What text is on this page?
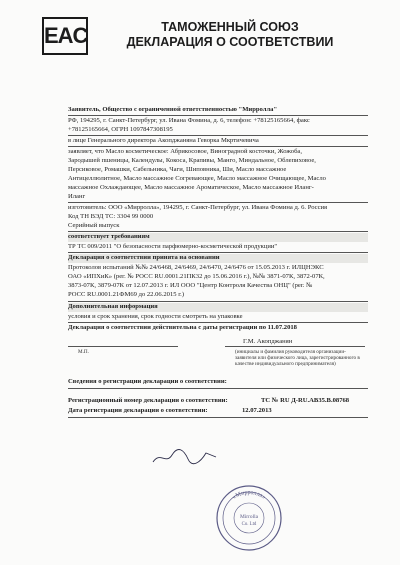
EAC	ТАМОЖЕННЫЙ СОЮЗ
ДЕКЛАРАЦИЯ О СООТВЕТСТВИИ
Заявитель, Общество с ограниченной ответственностью "Мирролла"
РФ, 194295, г. Санкт-Петербург, ул. Ивана Фомина, д. 6, телефон: +78125165664, факс
+78125165664, ОГРН 1097847308195
в лице Генерального директора Акопджаняна Геворка Мкртичевича
заявляет, что Масло косметическое: Абрикосовое, Виноградной косточки, Жожоба,
Зародышей пшеницы, Календулы, Кокоса, Крапивы, Манго, Миндальное, Облепиховое,
Персиковое, Ромашки, Сабельника, Чаги, Шиповника, Ши, Масло массажное
Антицеллюлитное, Масло массажное Согревающее, Масло массажное Очищающее, Масло
массажное Охлаждающее, Масло массажное Ароматическое, Масло массажное Иланг-
Иланг
изготовитель: ООО «Мирролла», 194295, г. Санкт-Петербург, ул. Ивана Фомина д. 6. Россия
Код ТН ВЭД ТС: 3304 99 0000
Серийный выпуск
соответствует требованиям
ТР ТС 009/2011 "О безопасности парфюмерно-косметической продукции"
Декларация о соответствии принята на основании
Протоколов испытаний №№ 24/6468, 24/6469, 24/6470, 24/6476 от 15.05.2013 г. ИЛЦНЭКС
ОАО «ИПХиК» (рег. № РОСС RU.0001.21ПК32 до 15.06.2016 г.), №№ 3871-07К, 3872-07К,
3873-07К, 3879-07К от 12.07.2013 г. ИЛ ООО "Центр Контроля Качества ОНЦ" (рег. №
РОСС RU.0001.21ФМ69 до 22.06.2015 г.)
Дополнительная информация
условия и срок хранения, срок годности смотреть на упаковке
Декларация о соответствии действительна с даты регистрации по 11.07.2018
Г.М. Акопджанян
М.П.	(инициалы и фамилия руководителя организации-
заявителя или физического лица, зарегистрированного в
качестве индивидуального предпринимателя)
Сведения о регистрации декларации о соответствии:
Регистрационный номер декларации о соответствии:	ТС № RU Д-RU.АВ35.В.08768
Дата регистрации декларации о соответствии:	12.07.2013
«Мирролла»
Mirrolla
Co. Ltd
